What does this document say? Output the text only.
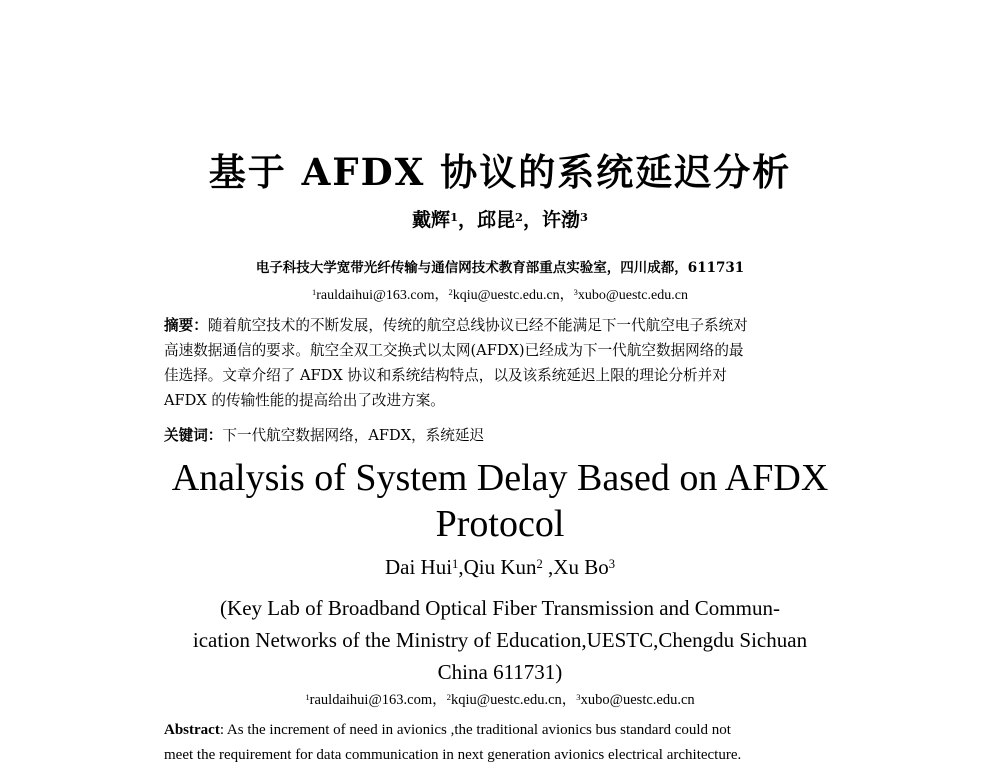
基于 AFDX 协议的系统延迟分析
戴辉$^1$，邱昆$^2$，许渤$^3$
电子科技大学宽带光纤传输与通信网技术教育部重点实验室，四川成都，611731
$^1$rauldaihui@163.com，$^2$kqiu@uestc.edu.cn，$^3$xubo@uestc.edu.cn
摘要：随着航空技术的不断发展，传统的航空总线协议已经不能满足下一代航空电子系统对
高速数据通信的要求。航空全双工交换式以太网(AFDX)已经成为下一代航空数据网络的最
佳选择。文章介绍了 AFDX 协议和系统结构特点，以及该系统延迟上限的理论分析并对
AFDX 的传输性能的提高给出了改进方案。
关键词：下一代航空数据网络，AFDX，系统延迟
Analysis of System Delay Based on AFDX
Protocol
Dai Hui$^1$,Qiu Kun$^2$ ,Xu Bo$^3$
(Key Lab of Broadband Optical Fiber Transmission and Commun-
ication Networks of the Ministry of Education,UESTC,Chengdu Sichuan
China 611731)
$^1$rauldaihui@163.com，$^2$kqiu@uestc.edu.cn，$^3$xubo@uestc.edu.cn
Abstract: As the increment of need in avionics ,the traditional avionics bus standard could not
meet the requirement for data communication in next generation avionics electrical architecture.
